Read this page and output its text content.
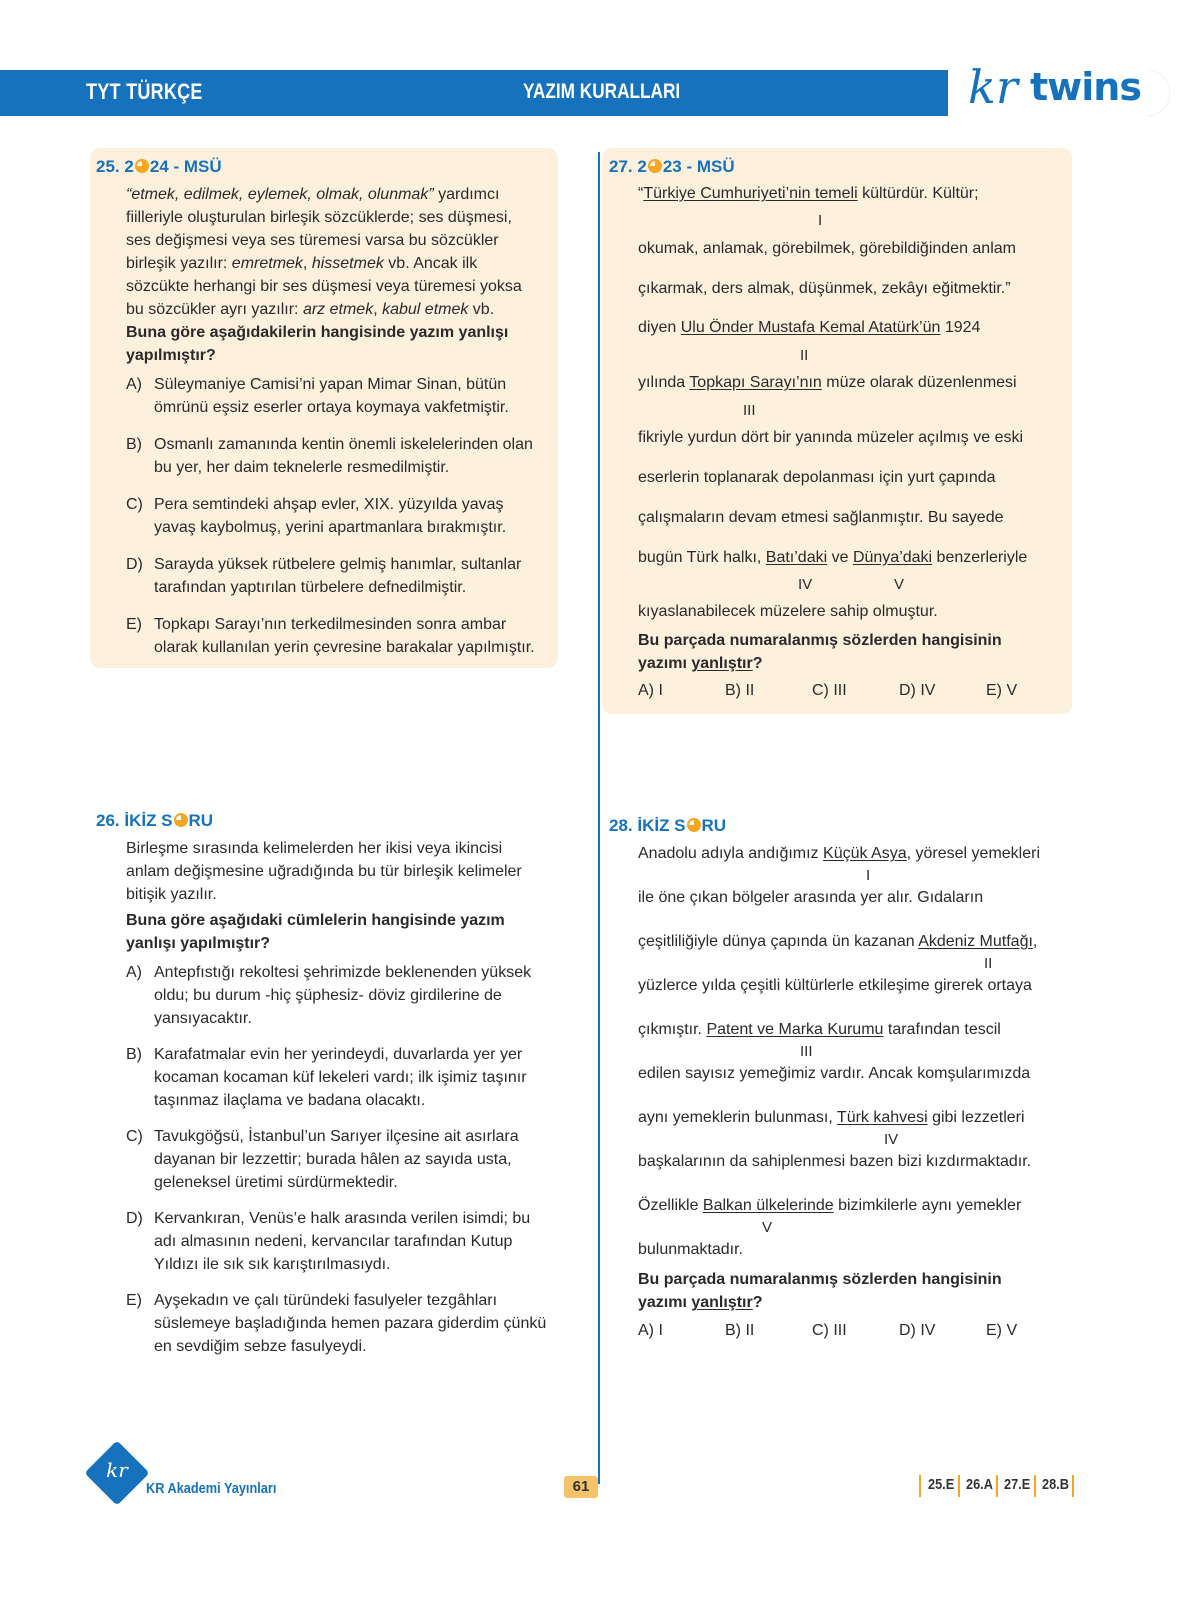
TYT TÜRKÇE	YAZIM KURALLARI	kr twins
25. 2 24 - MSÜ
“etmek, edilmek, eylemek, olmak, olunmak” yardımcı
fiilleriyle oluşturulan birleşik sözcüklerde; ses düşmesi,
ses değişmesi veya ses türemesi varsa bu sözcükler
birleşik yazılır: emretmek, hissetmek vb. Ancak ilk
sözcükte herhangi bir ses düşmesi veya türemesi yoksa
bu sözcükler ayrı yazılır: arz etmek, kabul etmek vb.
Buna göre aşağıdakilerin hangisinde yazım yanlışı yapılmıştır?
A) Süleymaniye Camisi’ni yapan Mimar Sinan, bütün ömrünü eşsiz eserler ortaya koymaya vakfetmiştir.
B) Osmanlı zamanında kentin önemli iskelelerinden olan bu yer, her daim teknelerle resmedilmiştir.
C) Pera semtindeki ahşap evler, XIX. yüzyılda yavaş yavaş kaybolmuş, yerini apartmanlara bırakmıştır.
D) Sarayda yüksek rütbelere gelmiş hanımlar, sultanlar tarafından yaptırılan türbelere defnedilmiştir.
E) Topkapı Sarayı’nın terkedilmesinden sonra ambar olarak kullanılan yerin çevresine barakalar yapılmıştır.
27. 2 23 - MSÜ
“Türkiye Cumhuriyeti’nin temeli kültürdür. Kültür;
I
okumak, anlamak, görebilmek, görebildiğinden anlam
çıkarmak, ders almak, düşünmek, zekâyı eğitmektir.”
diyen Ulu Önder Mustafa Kemal Atatürk’ün 1924
II
yılında Topkapı Sarayı’nın müze olarak düzenlenmesi
III
fikriyle yurdun dört bir yanında müzeler açılmış ve eski
eserlerin toplanarak depolanması için yurt çapında
çalışmaların devam etmesi sağlanmıştır. Bu sayede
bugün Türk halkı, Batı’daki ve Dünya’daki benzerleriyle
IV	V
kıyaslanabilecek müzelere sahip olmuştur.
Bu parçada numaralanmış sözlerden hangisinin
yazımı yanlıştır?
A) I	B) II	C) III	D) IV	E) V
26. İKİZ S RU
Birleşme sırasında kelimelerden her ikisi veya ikincisi anlam değişmesine uğradığında bu tür birleşik kelimeler bitişik yazılır.
Buna göre aşağıdaki cümlelerin hangisinde yazım yanlışı yapılmıştır?
A) Antepfıstığı rekoltesi şehrimizde beklenenden yüksek oldu; bu durum -hiç şüphesiz- döviz girdilerine de yansıyacaktır.
B) Karafatmalar evin her yerindeydi, duvarlarda yer yer kocaman kocaman küf lekeleri vardı; ilk işimiz taşınır taşınmaz ilaçlama ve badana olacaktı.
C) Tavukgöğsü, İstanbul’un Sarıyer ilçesine ait asırlara dayanan bir lezzettir; burada hâlen az sayıda usta, geleneksel üretimi sürdürmektedir.
D) Kervankıran, Venüs’e halk arasında verilen isimdi; bu adı almasının nedeni, kervancılar tarafından Kutup Yıldızı ile sık sık karıştırılmasıydı.
E) Ayşekadın ve çalı türündeki fasulyeler tezgâhları süslemeye başladığında hemen pazara giderdim çünkü en sevdiğim sebze fasulyeydi.
28. İKİZ S RU
Anadolu adıyla andığımız Küçük Asya, yöresel yemekleri
I
ile öne çıkan bölgeler arasında yer alır. Gıdaların
çeşitliliğiyle dünya çapında ün kazanan Akdeniz Mutfağı,
II
yüzlerce yılda çeşitli kültürlerle etkileşime girerek ortaya
çıkmıştır. Patent ve Marka Kurumu tarafından tescil
III
edilen sayısız yemeğimiz vardır. Ancak komşularımızda
aynı yemeklerin bulunması, Türk kahvesi gibi lezzetleri
IV
başkalarının da sahiplenmesi bazen bizi kızdırmaktadır.
Özellikle Balkan ülkelerinde bizimkilerle aynı yemekler
V
bulunmaktadır.
Bu parçada numaralanmış sözlerden hangisinin
yazımı yanlıştır?
A) I	B) II	C) III	D) IV	E) V
kr
KR Akademi Yayınları	61	25.E 26.A 27.E 28.B
